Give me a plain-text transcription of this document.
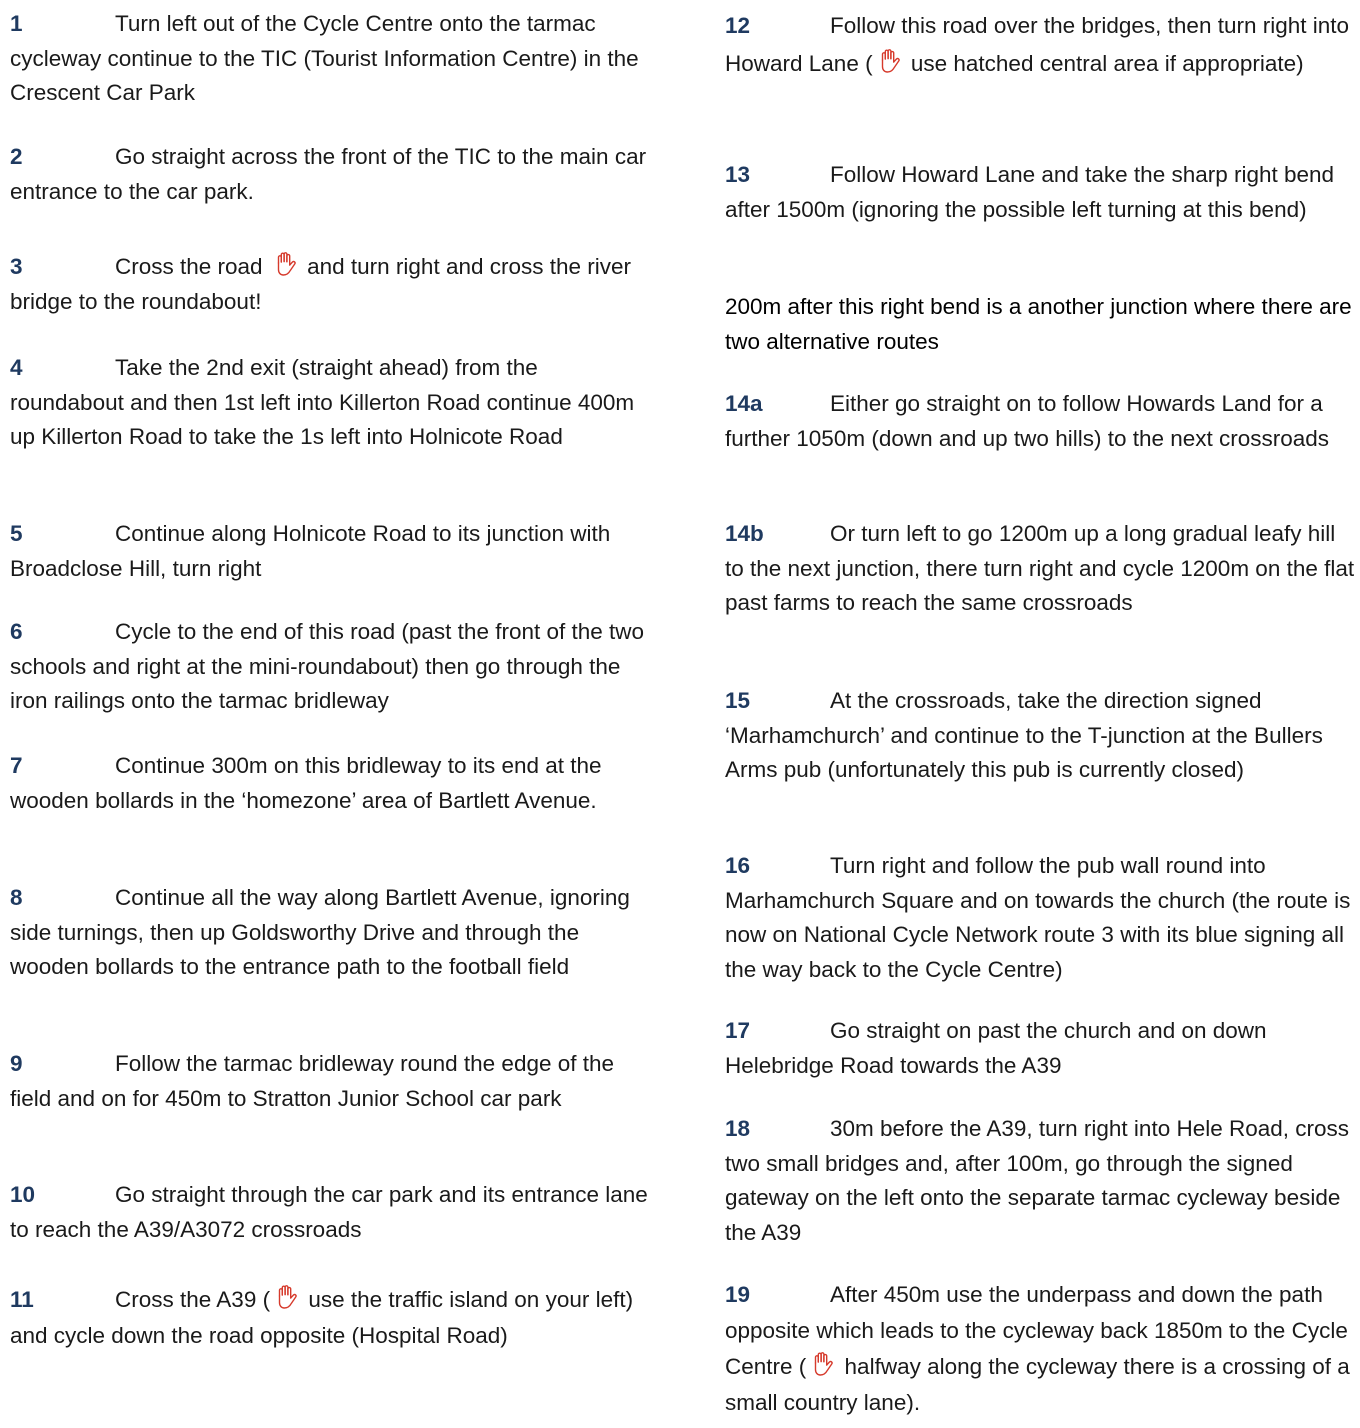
1	Turn left out of the Cycle Centre onto the tarmac cycleway continue to the TIC (Tourist Information Centre) in the Crescent Car Park

2	Go straight across the front of the TIC to the main car entrance to the car park.

3	Cross the road and turn right and cross the river bridge to the roundabout!

4	Take the 2nd exit (straight ahead) from the roundabout and then 1st left into Killerton Road continue 400m up Killerton Road to take the 1s left into Holnicote Road

5	Continue along Holnicote Road to its junction with Broadclose Hill, turn right

6	Cycle to the end of this road (past the front of the two schools and right at the mini-roundabout) then go through the iron railings onto the tarmac bridleway

7	Continue 300m on this bridleway to its end at the wooden bollards in the ‘homezone’ area of Bartlett Avenue.

8	Continue all the way along Bartlett Avenue, ignoring side turnings, then up Goldsworthy Drive and through the wooden bollards to the entrance path to the football field

9	Follow the tarmac bridleway round the edge of the field and on for 450m to Stratton Junior School car park

10	Go straight through the car park and its entrance lane to reach the A39/A3072 crossroads

11	Cross the A39 ( use the traffic island on your left) and cycle down the road opposite (Hospital Road)

12	Follow this road over the bridges, then turn right into Howard Lane ( use hatched central area if appropriate)

13	Follow Howard Lane and take the sharp right bend after 1500m (ignoring the possible left turning at this bend)

200m after this right bend is a another junction where there are two alternative routes

14a	Either go straight on to follow Howards Land for a further 1050m (down and up two hills) to the next crossroads

14b	Or turn left to go 1200m up a long gradual leafy hill to the next junction, there turn right and cycle 1200m on the flat past farms to reach the same crossroads

15	At the crossroads, take the direction signed ‘Marhamchurch’ and continue to the T-junction at the Bullers Arms pub (unfortunately this pub is currently closed)

16	Turn right and follow the pub wall round into Marhamchurch Square and on towards the church (the route is now on National Cycle Network route 3 with its blue signing all the way back to the Cycle Centre)

17	Go straight on past the church and on down Helebridge Road towards the A39

18	30m before the A39, turn right into Hele Road, cross two small bridges and, after 100m, go through the signed gateway on the left onto the separate tarmac cycleway beside the A39

19	After 450m use the underpass and down the path opposite which leads to the cycleway back 1850m to the Cycle Centre ( halfway along the cycleway there is a crossing of a small country lane).
